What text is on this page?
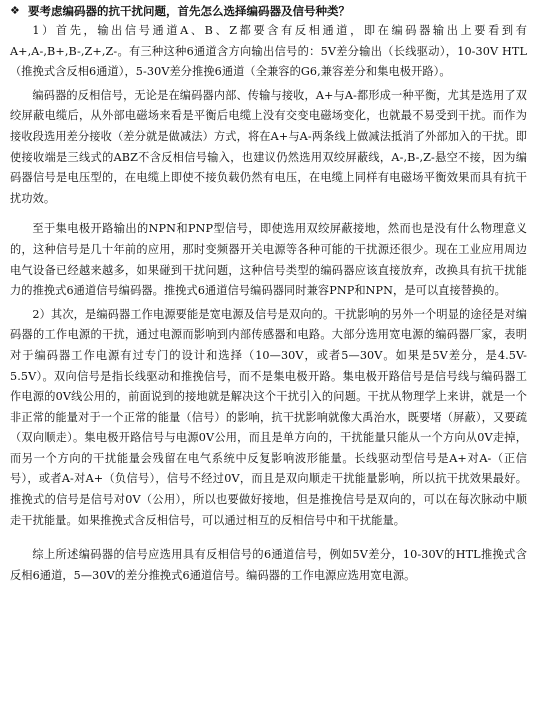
❖ 要考虑编码器的抗干扰问题，首先怎么选择编码器及信号种类？

1）首先，输出信号通道A、B、Z都要含有反相通道，即在编码器输出上要看到有A+,A-,B+,B-,Z+,Z-。有三种这种6通道含方向输出信号的：5V差分输出（长线驱动），10-30V HTL（推挽式含反相6通道），5-30V差分推挽6通道（全兼容的G6,兼容差分和集电极开路）。

编码器的反相信号，无论是在编码器内部、传输与接收，A+与A-都形成一种平衡，尤其是选用了双绞屏蔽电缆后，从外部电磁场来看是平衡后电缆上没有交变电磁场变化，也就最不易受到干扰。而作为接收段选用差分接收（差分就是做减法）方式，将在A+与A-两条线上做减法抵消了外部加入的干扰。即使接收端是三线式的ABZ不含反相信号输入，也建议仍然选用双绞屏蔽线，A-,B-,Z-悬空不接，因为编码器信号是电压型的，在电缆上即使不接负载仍然有电压，在电缆上同样有电磁场平衡效果而具有抗干扰功效。

至于集电极开路输出的NPN和PNP型信号，即使选用双绞屏蔽接地，然而也是没有什么物理意义的，这种信号是几十年前的应用，那时变频器开关电源等各种可能的干扰源还很少。现在工业应用周边电气设备已经越来越多，如果碰到干扰问题，这种信号类型的编码器应该直接放弃，改换具有抗干扰能力的推挽式6通道信号编码器。推挽式6通道信号编码器同时兼容PNP和NPN，是可以直接替换的。

2）其次，是编码器工作电源要能是宽电源及信号是双向的。干扰影响的另外一个明显的途径是对编码器的工作电源的干扰，通过电源而影响到内部传感器和电路。大部分选用宽电源的编码器厂家，表明对于编码器工作电源有过专门的设计和选择（10—30V，或者5—30V。如果是5V差分，是4.5V-5.5V）。双向信号是指长线驱动和推挽信号，而不是集电极开路。集电极开路信号是信号线与编码器工作电源的0V线公用的，前面说到的接地就是解决这个干扰引入的问题。干扰从物理学上来讲，就是一个非正常的能量对于一个正常的能量（信号）的影响，抗干扰影响就像大禹治水，既要堵（屏蔽），又要疏（双向顺走）。集电极开路信号与电源0V公用，而且是单方向的，干扰能量只能从一个方向从0V走掉，而另一个方向的干扰能量会残留在电气系统中反复影响波形能量。长线驱动型信号是A+对A-（正信号），或者A-对A+（负信号），信号不经过0V，而且是双向顺走干扰能量影响，所以抗干扰效果最好。推挽式的信号是信号对0V（公用），所以也要做好接地，但是推挽信号是双向的，可以在每次脉动中顺走干扰能量。如果推挽式含反相信号，可以通过相互的反相信号中和干扰能量。

综上所述编码器的信号应选用具有反相信号的6通道信号，例如5V差分，10-30V的HTL推挽式含反相6通道，5—30V的差分推挽式6通道信号。编码器的工作电源应选用宽电源。
